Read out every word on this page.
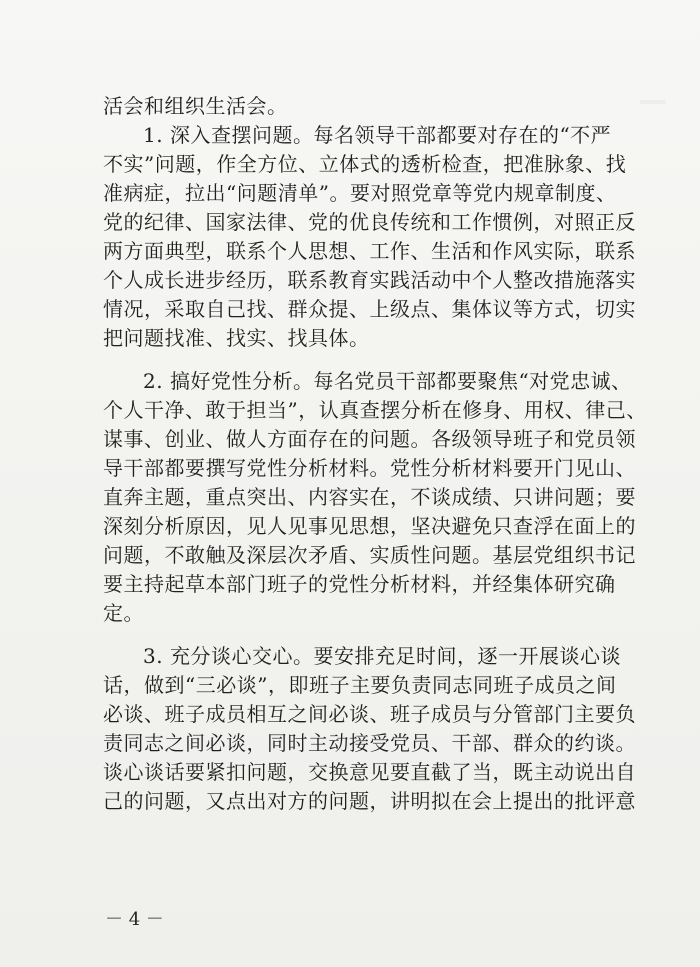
活会和组织生活会。
1. 深入查摆问题。每名领导干部都要对存在的“不严
不实”问题，作全方位、立体式的透析检查，把准脉象、找
准病症，拉出“问题清单”。要对照党章等党内规章制度、
党的纪律、国家法律、党的优良传统和工作惯例，对照正反
两方面典型，联系个人思想、工作、生活和作风实际，联系
个人成长进步经历，联系教育实践活动中个人整改措施落实
情况，采取自己找、群众提、上级点、集体议等方式，切实
把问题找准、找实、找具体。
2. 搞好党性分析。每名党员干部都要聚焦“对党忠诚、
个人干净、敢于担当”，认真查摆分析在修身、用权、律己、
谋事、创业、做人方面存在的问题。各级领导班子和党员领
导干部都要撰写党性分析材料。党性分析材料要开门见山、
直奔主题，重点突出、内容实在，不谈成绩、只讲问题；要
深刻分析原因，见人见事见思想，坚决避免只查浮在面上的
问题，不敢触及深层次矛盾、实质性问题。基层党组织书记
要主持起草本部门班子的党性分析材料，并经集体研究确
定。
3. 充分谈心交心。要安排充足时间，逐一开展谈心谈
话，做到“三必谈”，即班子主要负责同志同班子成员之间
必谈、班子成员相互之间必谈、班子成员与分管部门主要负
责同志之间必谈，同时主动接受党员、干部、群众的约谈。
谈心谈话要紧扣问题，交换意见要直截了当，既主动说出自
己的问题，又点出对方的问题，讲明拟在会上提出的批评意
－ 4 －
